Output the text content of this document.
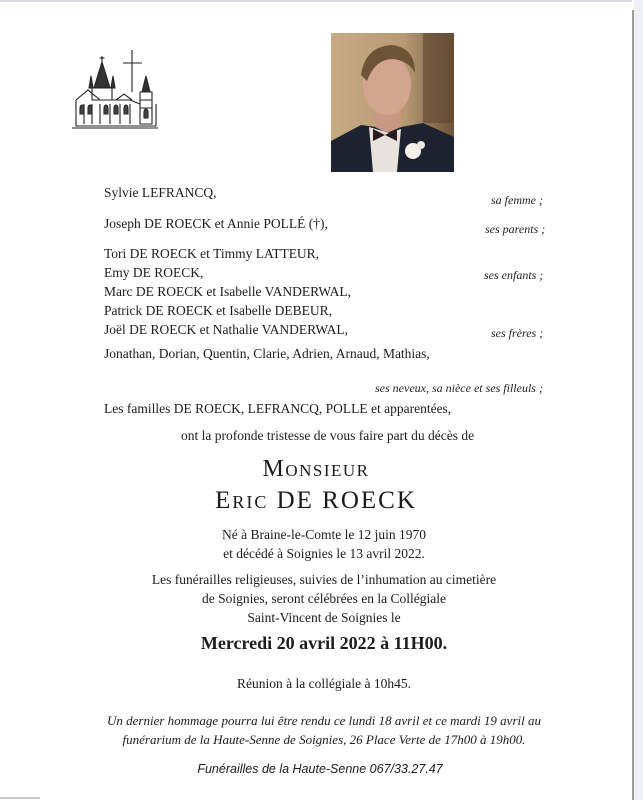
Sylvie LEFRANCQ,	sa femme ;
Joseph DE ROECK et Annie POLLÉ (†),	ses parents ;
Tori DE ROECK et Timmy LATTEUR,
Emy DE ROECK,	ses enfants ;
Marc DE ROECK et Isabelle VANDERWAL,
Patrick DE ROECK et Isabelle DEBEUR,
Joël DE ROECK et Nathalie VANDERWAL,	ses frères ;
Jonathan, Dorian, Quentin, Clarie, Adrien, Arnaud, Mathias,
ses neveux, sa nièce et ses filleuls ;
Les familles DE ROECK, LEFRANCQ, POLLE et apparentées,
ont la profonde tristesse de vous faire part du décès de
Monsieur
Eric DE ROECK
Né à Braine-le-Comte le 12 juin 1970
et décédé à Soignies le 13 avril 2022.
Les funérailles religieuses, suivies de l’inhumation au cimetière
de Soignies, seront célébrées en la Collégiale
Saint-Vincent de Soignies le
Mercredi 20 avril 2022 à 11H00.
Réunion à la collégiale à 10h45.
Un dernier hommage pourra lui être rendu ce lundi 18 avril et ce mardi 19 avril au
funérarium de la Haute-Senne de Soignies, 26 Place Verte de 17h00 à 19h00.
Funérailles de la Haute-Senne 067/33.27.47
